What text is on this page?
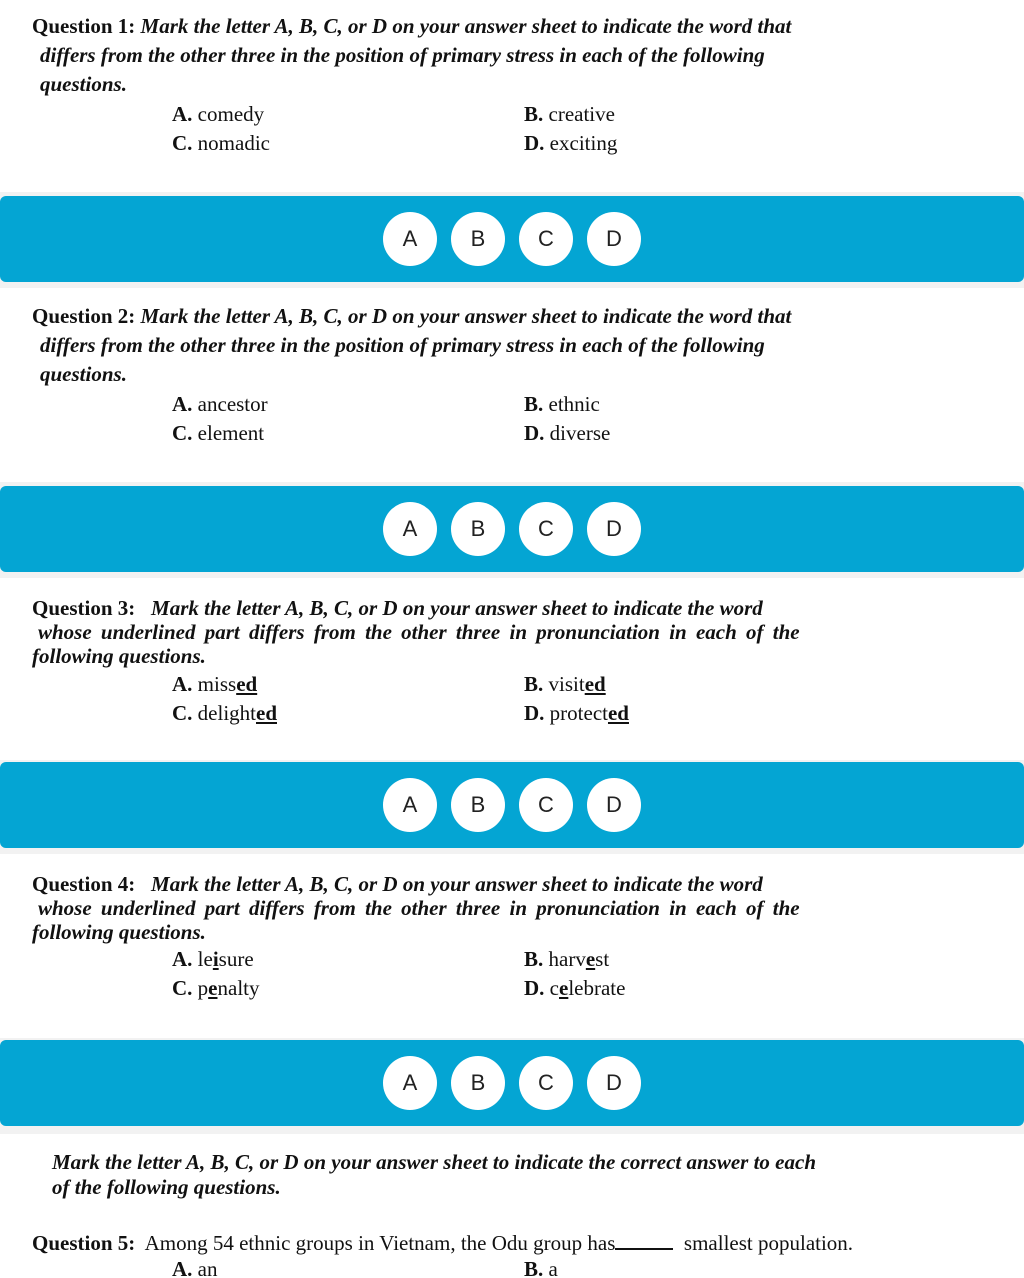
Question 1: Mark the letter A, B, C, or D on your answer sheet to indicate the word that
differs from the other three in the position of primary stress in each of the following
questions.
A. comedy	B. creative
C. nomadic	D. exciting
A	B	C	D
Question 2: Mark the letter A, B, C, or D on your answer sheet to indicate the word that
differs from the other three in the position of primary stress in each of the following
questions.
A. ancestor	B. ethnic
C. element	D. diverse
A	B	C	D
Question 3: Mark the letter A, B, C, or D on your answer sheet to indicate the word
whose underlined part differs from the other three in pronunciation in each of the
following questions.
A. missed	B. visited
C. delighted	D. protected
A	B	C	D
Question 4: Mark the letter A, B, C, or D on your answer sheet to indicate the word
whose underlined part differs from the other three in pronunciation in each of the
following questions.
A. leisure	B. harvest
C. penalty	D. celebrate
A	B	C	D
Mark the letter A, B, C, or D on your answer sheet to indicate the correct answer to each
of the following questions.
Question 5: Among 54 ethnic groups in Vietnam, the Odu group has	smallest population.
A. an	B. a
